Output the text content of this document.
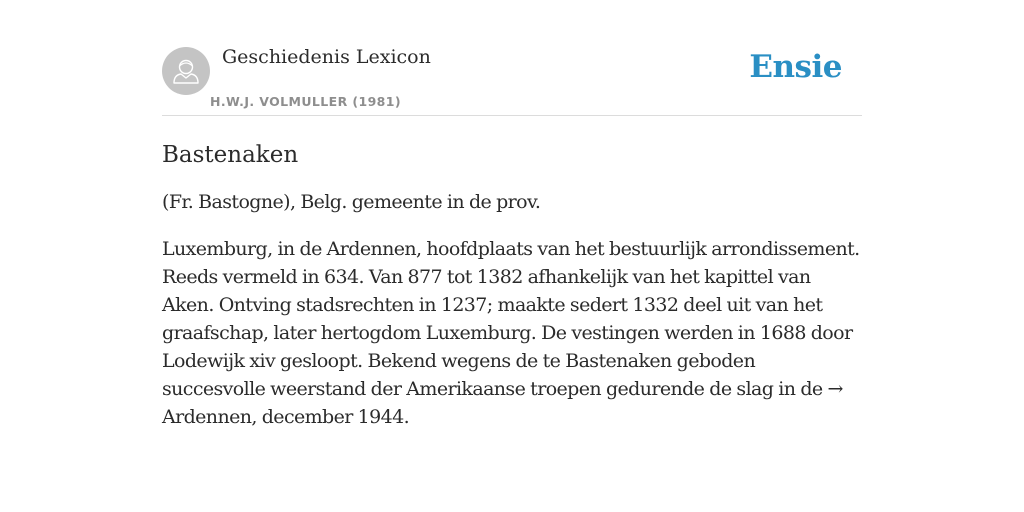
Geschiedenis Lexicon
H.W.J. VOLMULLER (1981)
Ensie
Bastenaken

(Fr. Bastogne), Belg. gemeente in de prov.

Luxemburg, in de Ardennen, hoofdplaats van het bestuurlijk arrondissement. Reeds vermeld in 634. Van 877 tot 1382 afhankelijk van het kapittel van Aken. Ontving stadsrechten in 1237; maakte sedert 1332 deel uit van het graafschap, later hertogdom Luxemburg. De vestingen werden in 1688 door Lodewijk xiv gesloopt. Bekend wegens de te Bastenaken geboden succesvolle weerstand der Amerikaanse troepen gedurende de slag in de → Ardennen, december 1944.
